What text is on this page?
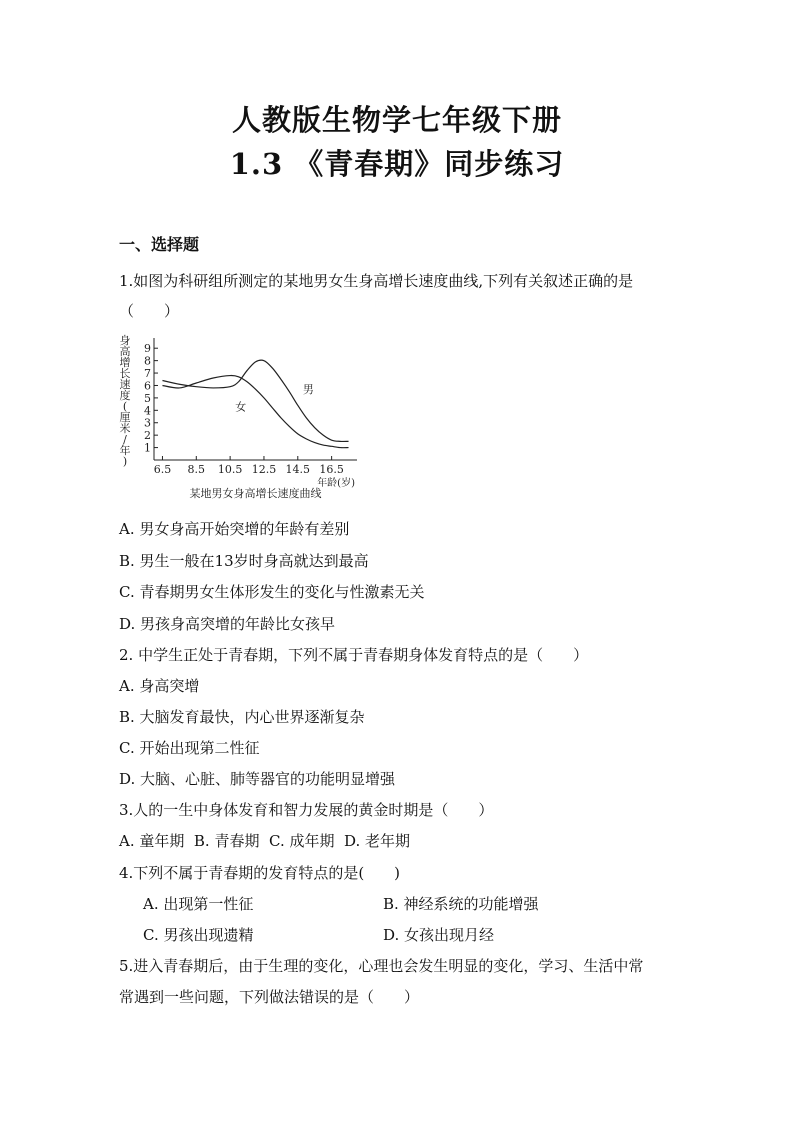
人教版生物学七年级下册
1.3 《青春期》同步练习
一、选择题
1.如图为科研组所测定的某地男女生身高增长速度曲线,下列有关叙述正确的是
（　　）
身高增长速度(厘米/年)
1
2
3
4
5
6
7
8
9
6.5 8.5 10.5 12.5 14.5 16.5
男
女
年龄(岁)
某地男女身高增长速度曲线
A. 男女身高开始突增的年龄有差别
B. 男生一般在13岁时身高就达到最高
C. 青春期男女生体形发生的变化与性激素无关
D. 男孩身高突增的年龄比女孩早
2. 中学生正处于青春期，下列不属于青春期身体发育特点的是（　　）
A. 身高突增
B. 大脑发育最快，内心世界逐渐复杂
C. 开始出现第二性征
D. 大脑、心脏、肺等器官的功能明显增强
3.人的一生中身体发育和智力发展的黄金时期是（　　）
A. 童年期  B. 青春期  C. 成年期  D. 老年期
4.下列不属于青春期的发育特点的是(　　)
A. 出现第一性征	B. 神经系统的功能增强
C. 男孩出现遗精	D. 女孩出现月经
5.进入青春期后，由于生理的变化，心理也会发生明显的变化，学习、生活中常
常遇到一些问题，下列做法错误的是（　　）
